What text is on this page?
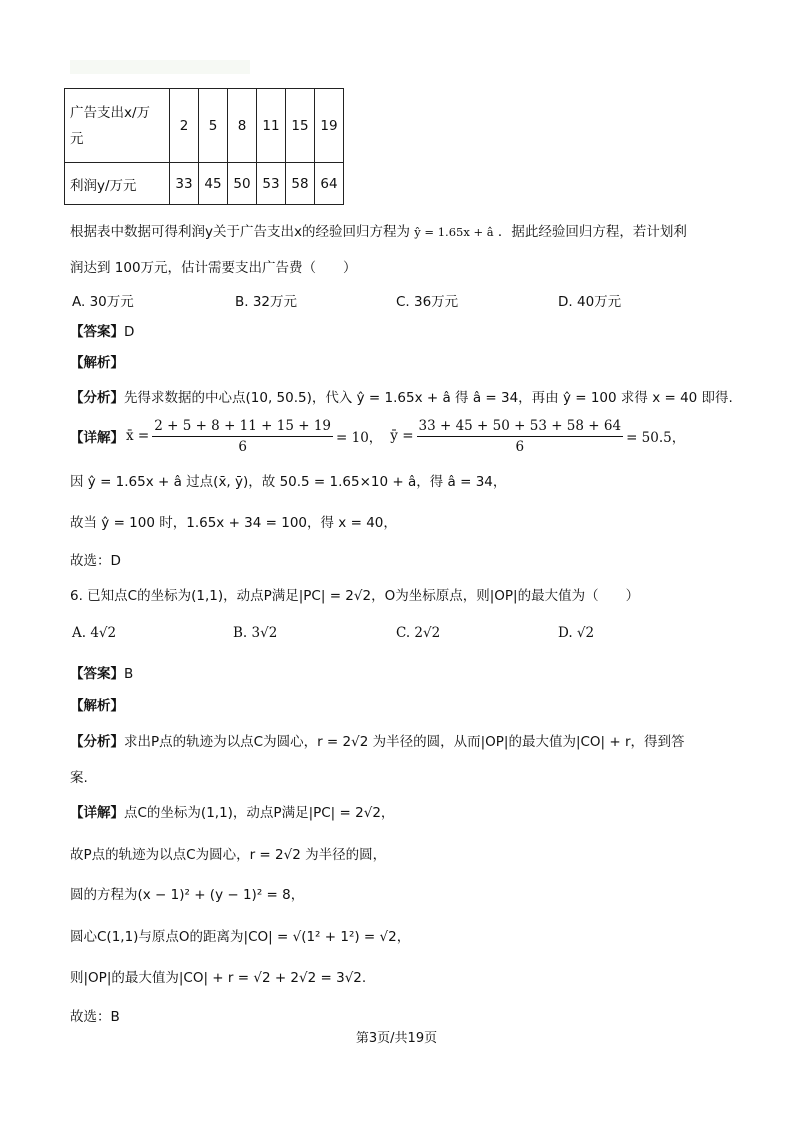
广告支出x/万
元	2	5	8	11	15	19
利润y/万元	33	45	50	53	58	64
根据表中数据可得利润y关于广告支出x的经验回归方程为 ŷ = 1.65x + â ．据此经验回归方程，若计划利
润达到 100万元，估计需要支出广告费（　　）
A. 30万元	B. 32万元	C. 36万元	D. 40万元
【答案】D
【解析】
【分析】先得求数据的中心点(10, 50.5)，代入 ŷ = 1.65x + â 得 â = 34，再由 ŷ = 100 求得 x = 40 即得.
【详解】 x̄ = $\frac{2 + 5 + 8 + 11 + 15 + 19}{6} = 10$， ȳ = $\frac{33 + 45 + 50 + 53 + 58 + 64}{6} = 50.5$，
因 ŷ = 1.65x + â 过点(x̄, ȳ)，故 50.5 = 1.65×10 + â，得 â = 34，
故当 ŷ = 100 时，1.65x + 34 = 100，得 x = 40，
故选：D
6. 已知点C的坐标为(1,1)，动点P满足|PC| = 2√2，O为坐标原点，则|OP|的最大值为（　　）
A. 4√2	B. 3√2	C. 2√2	D. √2
【答案】B
【解析】
【分析】求出P点的轨迹为以点C为圆心，r = 2√2 为半径的圆，从而|OP|的最大值为|CO| + r，得到答
案.
【详解】点C的坐标为(1,1)，动点P满足|PC| = 2√2，
故P点的轨迹为以点C为圆心，r = 2√2 为半径的圆，
圆的方程为(x − 1)² + (y − 1)² = 8，
圆心C(1,1)与原点O的距离为|CO| = √(1² + 1²) = √2，
则|OP|的最大值为|CO| + r = √2 + 2√2 = 3√2.
故选：B
第3页/共19页
